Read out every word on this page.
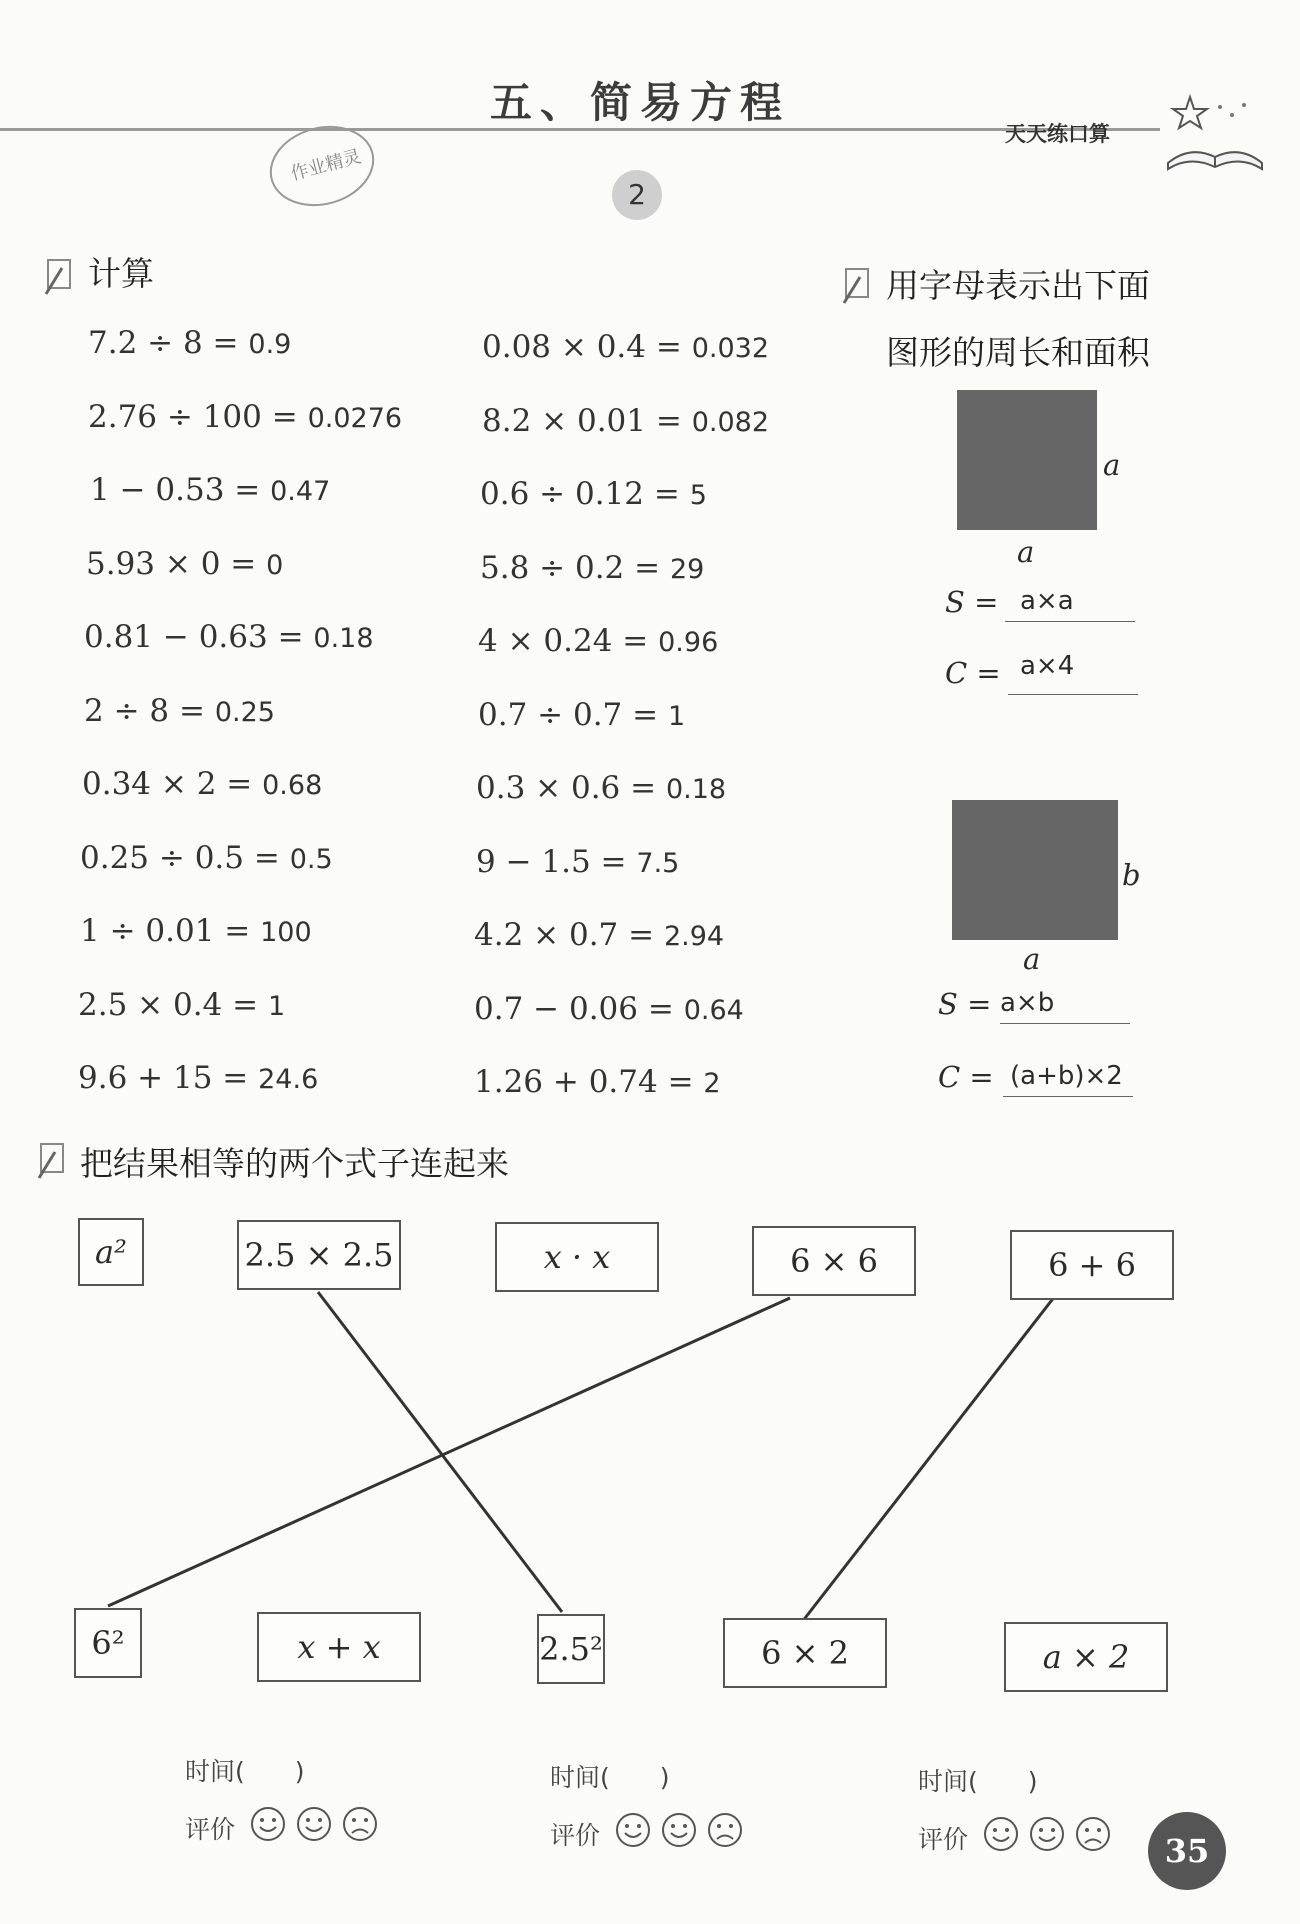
五、简易方程
天天练口算
作业精灵
2
计算
7.2 ÷ 8 = 0.9
2.76 ÷ 100 = 0.0276
1 − 0.53 = 0.47
5.93 × 0 = 0
0.81 − 0.63 = 0.18
2 ÷ 8 = 0.25
0.34 × 2 = 0.68
0.25 ÷ 0.5 = 0.5
1 ÷ 0.01 = 100
2.5 × 0.4 = 1
9.6 + 15 = 24.6
0.08 × 0.4 = 0.032
8.2 × 0.01 = 0.082
0.6 ÷ 0.12 = 5
5.8 ÷ 0.2 = 29
4 × 0.24 = 0.96
0.7 ÷ 0.7 = 1
0.3 × 0.6 = 0.18
9 − 1.5 = 7.5
4.2 × 0.7 = 2.94
0.7 − 0.06 = 0.64
1.26 + 0.74 = 2
用字母表示出下面
图形的周长和面积
a
a
S = a×a
C = a×4
b
a
S = a×b
C = (a+b)×2
把结果相等的两个式子连起来
a²	2.5 × 2.5	x · x	6 × 6	6 + 6
6²	x + x	2.5²	6 × 2	a × 2
时间(　　)
评价
时间(　　)
评价
时间(　　)
评价	35
